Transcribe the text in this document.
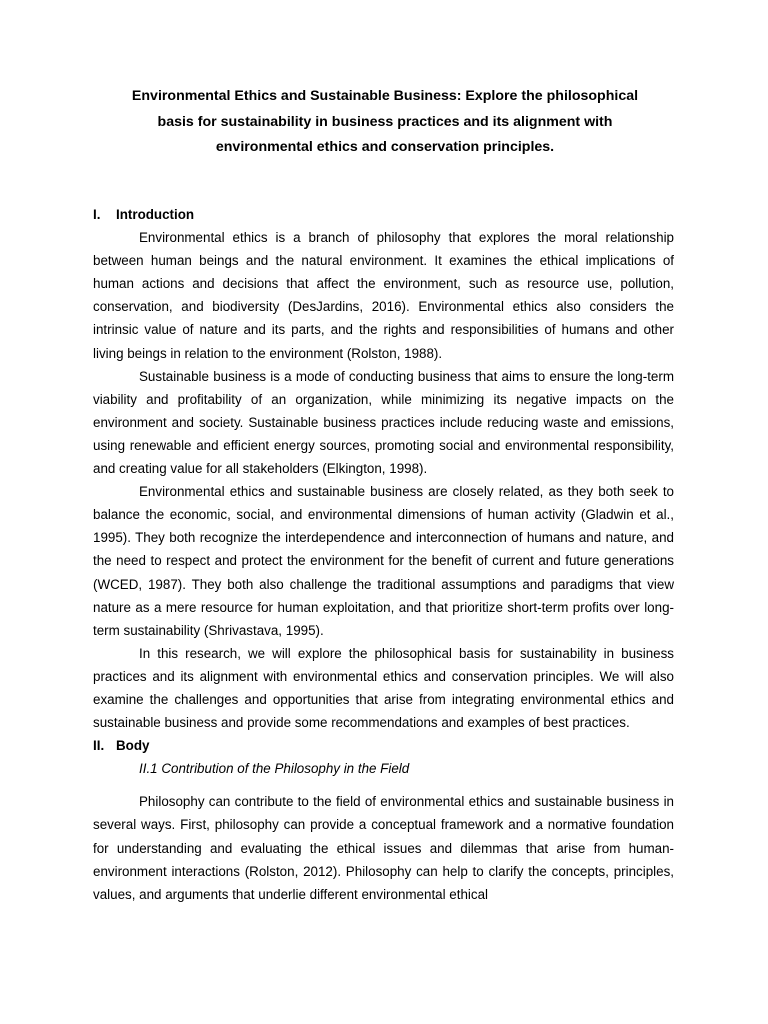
Environmental Ethics and Sustainable Business: Explore the philosophical
basis for sustainability in business practices and its alignment with
environmental ethics and conservation principles.
I. Introduction

Environmental ethics is a branch of philosophy that explores the moral relationship between human beings and the natural environment. It examines the ethical implications of human actions and decisions that affect the environment, such as resource use, pollution, conservation, and biodiversity (DesJardins, 2016). Environmental ethics also considers the intrinsic value of nature and its parts, and the rights and responsibilities of humans and other living beings in relation to the environment (Rolston, 1988).

Sustainable business is a mode of conducting business that aims to ensure the long-term viability and profitability of an organization, while minimizing its negative impacts on the environment and society. Sustainable business practices include reducing waste and emissions, using renewable and efficient energy sources, promoting social and environmental responsibility, and creating value for all stakeholders (Elkington, 1998).

Environmental ethics and sustainable business are closely related, as they both seek to balance the economic, social, and environmental dimensions of human activity (Gladwin et al., 1995). They both recognize the interdependence and interconnection of humans and nature, and the need to respect and protect the environment for the benefit of current and future generations (WCED, 1987). They both also challenge the traditional assumptions and paradigms that view nature as a mere resource for human exploitation, and that prioritize short-term profits over long-term sustainability (Shrivastava, 1995).

In this research, we will explore the philosophical basis for sustainability in business practices and its alignment with environmental ethics and conservation principles. We will also examine the challenges and opportunities that arise from integrating environmental ethics and sustainable business and provide some recommendations and examples of best practices.

II. Body
II.1 Contribution of the Philosophy in the Field

Philosophy can contribute to the field of environmental ethics and sustainable business in several ways. First, philosophy can provide a conceptual framework and a normative foundation for understanding and evaluating the ethical issues and dilemmas that arise from human-environment interactions (Rolston, 2012). Philosophy can help to clarify the concepts, principles, values, and arguments that underlie different environmental ethical
